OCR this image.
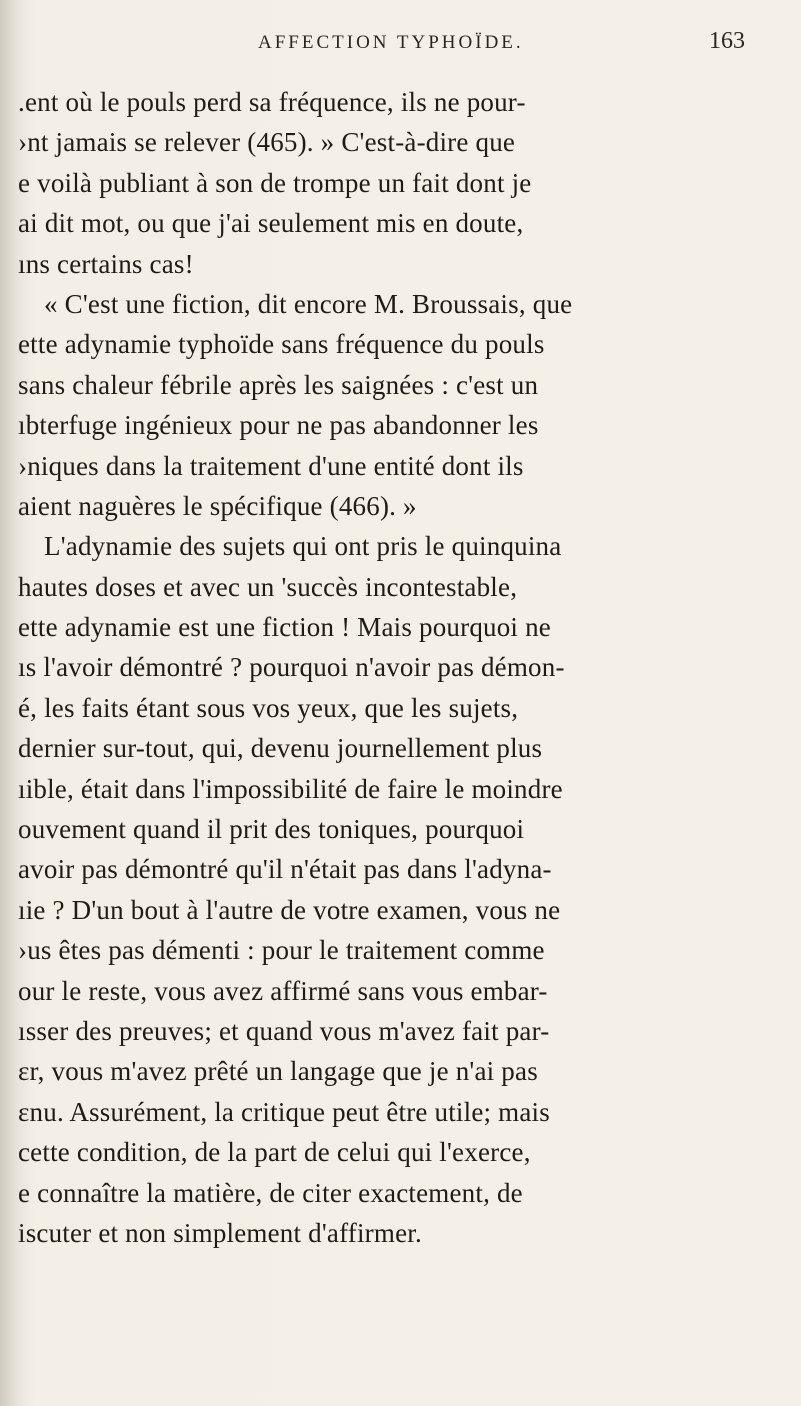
AFFECTION TYPHOÏDE.	163
.ent où le pouls perd sa fréquence, ils ne pour-
›nt jamais se relever (465). » C'est-à-dire que
e voilà publiant à son de trompe un fait dont je
ai dit mot, ou que j'ai seulement mis en doute,
ıns certains cas!
« C'est une fiction, dit encore M. Broussais, que
ette adynamie typhoïde sans fréquence du pouls
sans chaleur fébrile après les saignées : c'est un
ıbterfuge ingénieux pour ne pas abandonner les
›niques dans la traitement d'une entité dont ils
aient naguères le spécifique (466). »
L'adynamie des sujets qui ont pris le quinquina
hautes doses et avec un 'succès incontestable,
ette adynamie est une fiction ! Mais pourquoi ne
ıs l'avoir démontré ? pourquoi n'avoir pas démon-
é, les faits étant sous vos yeux, que les sujets,
dernier sur-tout, qui, devenu journellement plus
ıible, était dans l'impossibilité de faire le moindre
ouvement quand il prit des toniques, pourquoi
avoir pas démontré qu'il n'était pas dans l'adyna-
ıie ? D'un bout à l'autre de votre examen, vous ne
›us êtes pas démenti : pour le traitement comme
our le reste, vous avez affirmé sans vous embar-
ısser des preuves; et quand vous m'avez fait par-
ɛr, vous m'avez prêté un langage que je n'ai pas
ɛnu. Assurément, la critique peut être utile; mais
cette condition, de la part de celui qui l'exerce,
e connaître la matière, de citer exactement, de
iscuter et non simplement d'affirmer.
